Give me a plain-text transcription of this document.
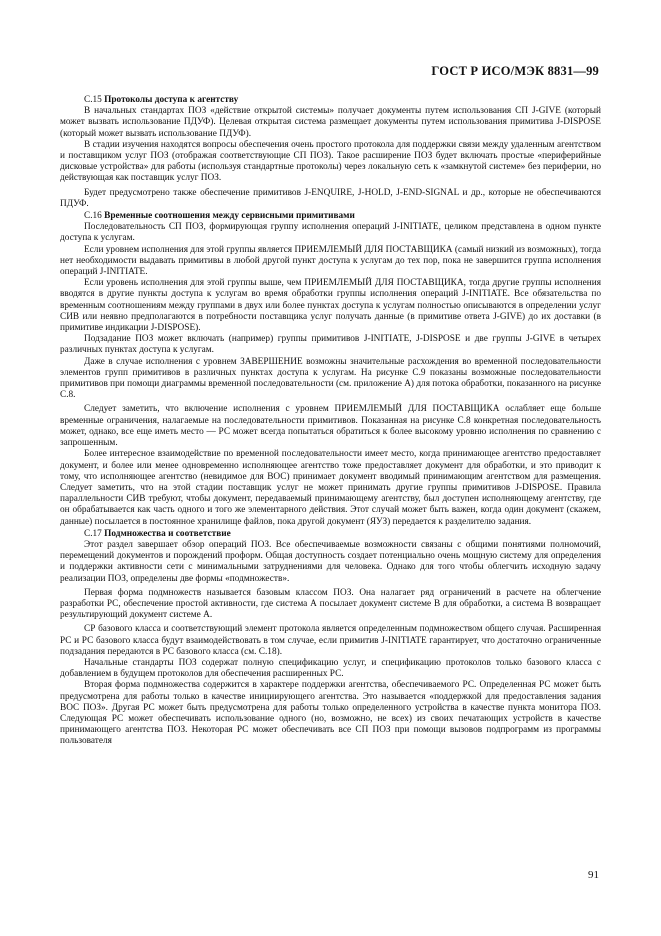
ГОСТ Р ИСО/МЭК 8831—99

С.15 Протоколы доступа к агентству

В начальных стандартах ПОЗ «действие открытой системы» получает документы путем использования СП J-GIVE (который может вызвать использование ПДУФ). Целевая открытая система размещает документы путем использования примитива J-DISPOSE (который может вызвать использование ПДУФ).

В стадии изучения находятся вопросы обеспечения очень простого протокола для поддержки связи между удаленным агентством и поставщиком услуг ПОЗ (отображая соответствующие СП ПОЗ). Такое расширение ПОЗ будет включать простые «периферийные дисковые устройства» для работы (используя стандартные протоколы) через локальную сеть к «замкнутой системе» без периферии, но действующая как поставщик услуг ПОЗ.

Будет предусмотрено также обеспечение примитивов J-ENQUIRE, J-HOLD, J-END-SIGNAL и др., которые не обеспечиваются ПДУФ.

С.16 Временные соотношения между сервисными примитивами

Последовательность СП ПОЗ, формирующая группу исполнения операций J-INITIATE, целиком представлена в одном пункте доступа к услугам.

Если уровнем исполнения для этой группы является ПРИЕМЛЕМЫЙ ДЛЯ ПОСТАВЩИКА (самый низкий из возможных), тогда нет необходимости выдавать примитивы в любой другой пункт доступа к услугам до тех пор, пока не завершится группа исполнения операций J-INITIATE.

Если уровень исполнения для этой группы выше, чем ПРИЕМЛЕМЫЙ ДЛЯ ПОСТАВЩИКА, тогда другие группы исполнения вводятся в другие пункты доступа к услугам во время обработки группы исполнения операций J-INITIATE. Все обязательства по временным соотношениям между группами в двух или более пунктах доступа к услугам полностью описываются в определении услуг СИВ или неявно предполагаются в потребности поставщика услуг получать данные (в примитиве ответа J-GIVE) до их доставки (в примитиве индикации J-DISPOSE).

Подзадание ПОЗ может включать (например) группы примитивов J-INITIATE, J-DISPOSE и две группы J-GIVE в четырех различных пунктах доступа к услугам.

Даже в случае исполнения с уровнем ЗАВЕРШЕНИЕ возможны значительные расхождения во временной последовательности элементов групп примитивов в различных пунктах доступа к услугам. На рисунке С.9 показаны возможные последовательности примитивов при помощи диаграммы временной последовательности (см. приложение А) для потока обработки, показанного на рисунке С.8.

Следует заметить, что включение исполнения с уровнем ПРИЕМЛЕМЫЙ ДЛЯ ПОСТАВЩИКА ослабляет еще больше временные ограничения, налагаемые на последовательности примитивов. Показанная на рисунке С.8 конкретная последовательность может, однако, все еще иметь место — РС может всегда попытаться обратиться к более высокому уровню исполнения по сравнению с запрошенным.

Более интересное взаимодействие по временной последовательности имеет место, когда принимающее агентство предоставляет документ, и более или менее одновременно исполняющее агентство тоже предоставляет документ для обработки, и это приводит к тому, что исполняющее агентство (невидимое для ВОС) принимает документ вводимый принимающим агентством для размещения. Следует заметить, что на этой стадии поставщик услуг не может принимать другие группы примитивов J-DISPOSE. Правила параллельности СИВ требуют, чтобы документ, передаваемый принимающему агентству, был доступен исполняющему агентству, где он обрабатывается как часть одного и того же элементарного действия. Этот случай может быть важен, когда один документ (скажем, данные) посылается в постоянное хранилище файлов, пока другой документ (ЯУЗ) передается к разделителю задания.

С.17 Подмножества и соответствие

Этот раздел завершает обзор операций ПОЗ. Все обеспечиваемые возможности связаны с общими понятиями полномочий, перемещений документов и порождений проформ. Общая доступность создает потенциально очень мощную систему для определения и поддержки активности сети с минимальными затруднениями для человека. Однако для того чтобы облегчить исходную задачу реализации ПОЗ, определены две формы «подмножеств».

Первая форма подмножеств называется базовым классом ПОЗ. Она налагает ряд ограничений в расчете на облегчение разработки РС, обеспечение простой активности, где система А посылает документ системе В для обработки, а система В возвращает результирующий документ системе А.

СР базового класса и соответствующий элемент протокола является определенным подмножеством общего случая. Расширенная РС и РС базового класса будут взаимодействовать в том случае, если примитив J-INITIATE гарантирует, что достаточно ограниченные подзадания передаются в РС базового класса (см. С.18).

Начальные стандарты ПОЗ содержат полную спецификацию услуг, и спецификацию протоколов только базового класса с добавлением в будущем протоколов для обеспечения расширенных РС.

Вторая форма подмножества содержится в характере поддержки агентства, обеспечиваемого РС. Определенная РС может быть предусмотрена для работы только в качестве инициирующего агентства. Это называется «поддержкой для предоставления задания ВОС ПОЗ». Другая РС может быть предусмотрена для работы только определенного устройства в качестве пункта монитора ПОЗ. Следующая РС может обеспечивать использование одного (но, возможно, не всех) из своих печатающих устройств в качестве принимающего агентства ПОЗ. Некоторая РС может обеспечивать все СП ПОЗ при помощи вызовов подпрограмм из программы пользователя

91
